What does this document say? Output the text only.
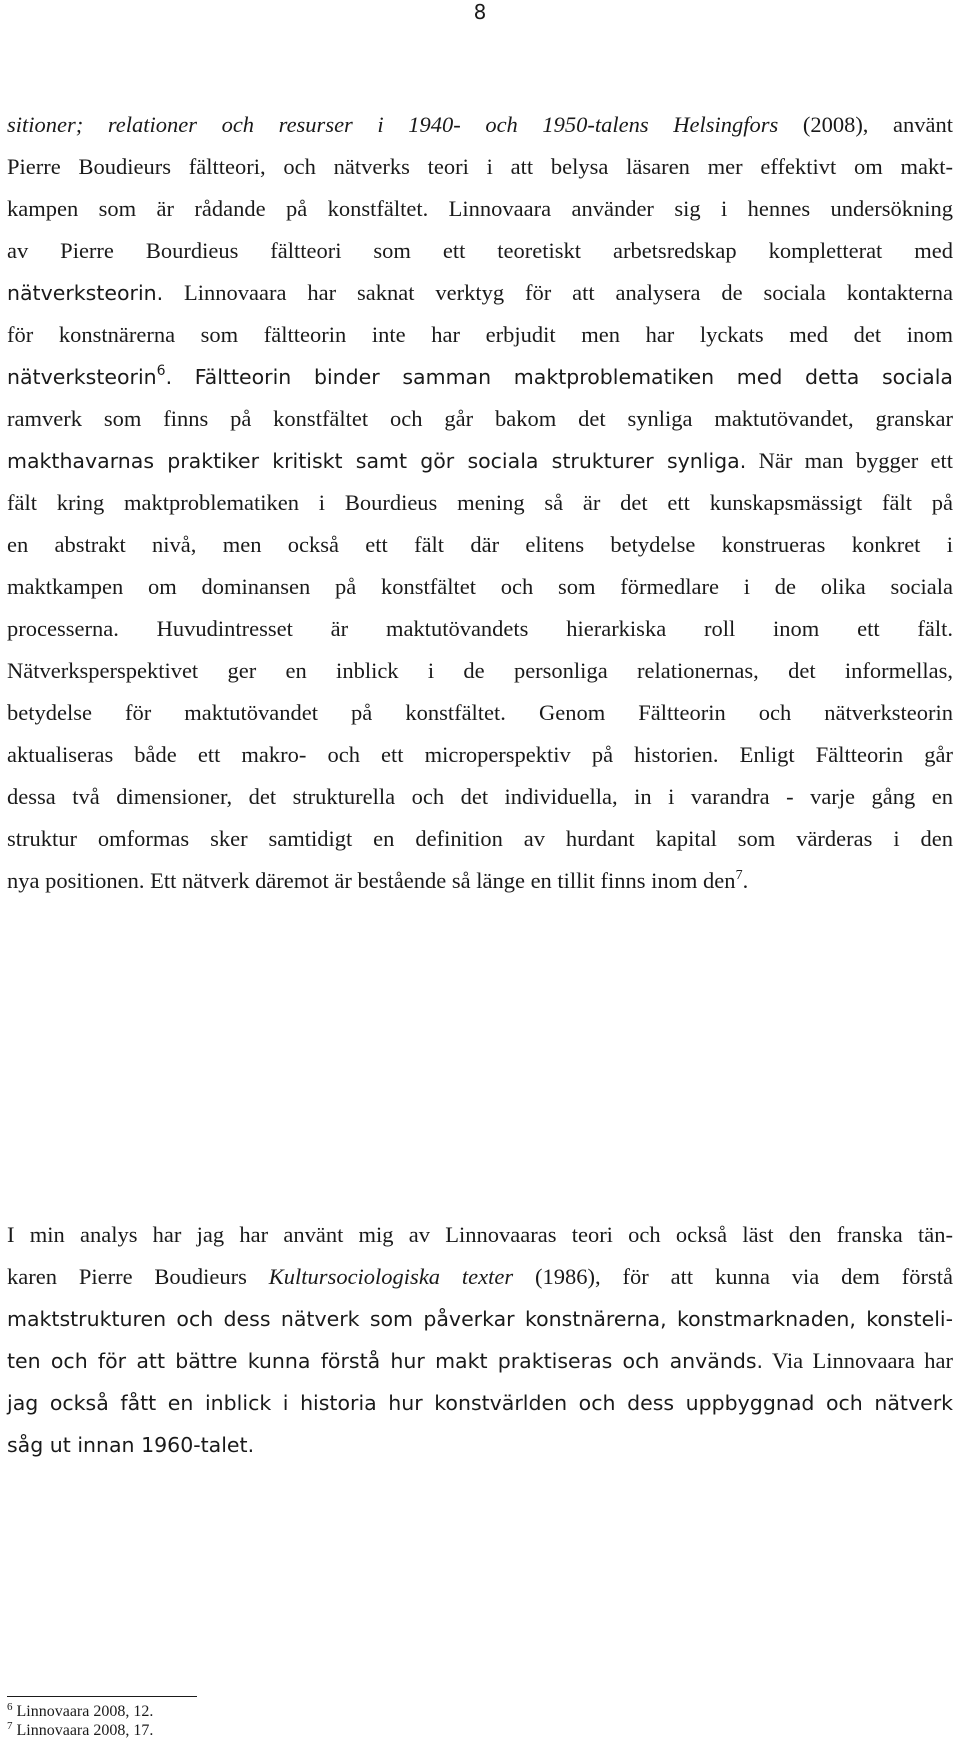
8
sitioner; relationer och resurser i 1940- och 1950-talens Helsingfors (2008), använt
Pierre Boudieurs fältteori, och nätverks teori i att belysa läsaren mer effektivt om makt-
kampen som är rådande på konstfältet. Linnovaara använder sig i hennes undersökning
av Pierre Bourdieus fältteori som ett teoretiskt arbetsredskap kompletterat med
nätverksteorin. Linnovaara har saknat verktyg för att analysera de sociala kontakterna
för konstnärerna som fältteorin inte har erbjudit men har lyckats med det inom
nätverksteorin$^6$. Fältteorin binder samman maktproblematiken med detta sociala
ramverk som finns på konstfältet och går bakom det synliga maktutövandet, granskar
makthavarnas praktiker kritiskt samt gör sociala strukturer synliga. När man bygger ett
fält kring maktproblematiken i Bourdieus mening så är det ett kunskapsmässigt fält på
en abstrakt nivå, men också ett fält där elitens betydelse konstrueras konkret i
maktkampen om dominansen på konstfältet och som förmedlare i de olika sociala
processerna. Huvudintresset är maktutövandets hierarkiska roll inom ett fält.
Nätverksperspektivet ger en inblick i de personliga relationernas, det informellas,
betydelse för maktutövandet på konstfältet. Genom Fältteorin och nätverksteorin
aktualiseras både ett makro- och ett microperspektiv på historien. Enligt Fältteorin går
dessa två dimensioner, det strukturella och det individuella, in i varandra - varje gång en
struktur omformas sker samtidigt en definition av hurdant kapital som värderas i den
nya positionen. Ett nätverk däremot är bestående så länge en tillit finns inom den$^7$.
I min analys har jag har använt mig av Linnovaaras teori och också läst den franska tän-
karen Pierre Boudieurs Kultursociologiska texter (1986), för att kunna via dem förstå
maktstrukturen och dess nätverk som påverkar konstnärerna, konstmarknaden, konsteli-
ten och för att bättre kunna förstå hur makt praktiseras och används. Via Linnovaara har
jag också fått en inblick i historia hur konstvärlden och dess uppbyggnad och nätverk
såg ut innan 1960-talet.
$^6$ Linnovaara 2008, 12.
$^7$ Linnovaara 2008, 17.
